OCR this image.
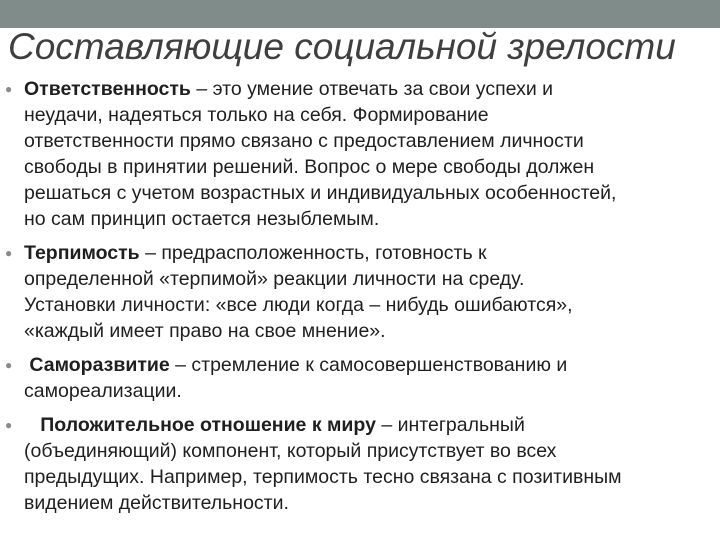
Составляющие социальной зрелости
● Ответственность – это умение отвечать за свои успехи и
неудачи, надеяться только на себя. Формирование
ответственности прямо связано с предоставлением личности
свободы в принятии решений. Вопрос о мере свободы должен
решаться с учетом возрастных и индивидуальных особенностей,
но сам принцип остается незыблемым.
● Терпимость – предрасположенность, готовность к
определенной «терпимой» реакции личности на среду.
Установки личности: «все люди когда – нибудь ошибаются»,
«каждый имеет право на свое мнение».
● Саморазвитие – стремление к самосовершенствованию и
самореализации.
●	Положительное отношение к миру – интегральный
(объединяющий) компонент, который присутствует во всех
предыдущих. Например, терпимость тесно связана с позитивным
видением действительности.
